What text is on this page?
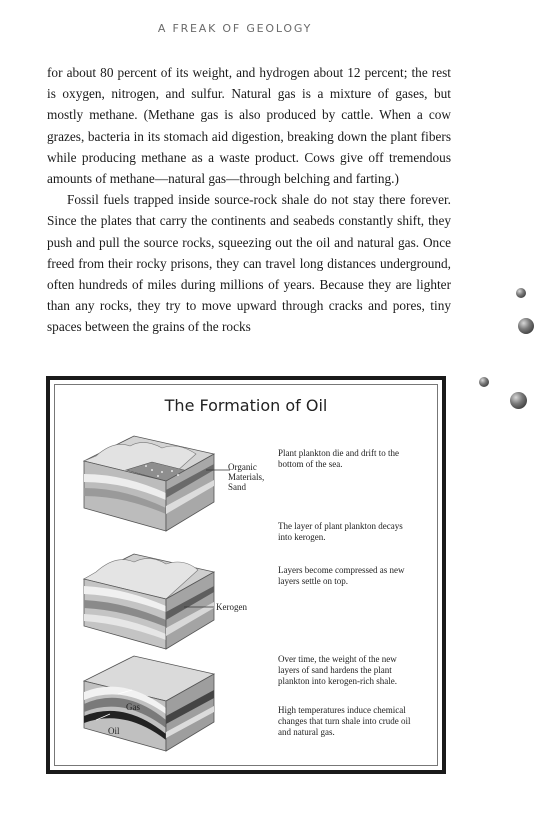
A FREAK OF GEOLOGY

for about 80 percent of its weight, and hydrogen about 12 percent; the rest is oxygen, nitrogen, and sulfur. Natural gas is a mixture of gases, but mostly methane. (Methane gas is also produced by cattle. When a cow grazes, bacteria in its stomach aid digestion, breaking down the plant fibers while producing methane as a waste product. Cows give off tremendous amounts of methane—natural gas—through belching and farting.)

Fossil fuels trapped inside source-rock shale do not stay there forever. Since the plates that carry the continents and seabeds constantly shift, they push and pull the source rocks, squeezing out the oil and natural gas. Once freed from their rocky prisons, they can travel long distances underground, often hundreds of miles during millions of years. Because they are lighter than any rocks, they try to move upward through cracks and pores, tiny spaces between the grains of the rocks

The Formation of Oil
Organic
Materials,
Sand
Kerogen
Gas
Oil

Plant plankton die and drift to the bottom of the sea.

The layer of plant plankton decays into kerogen.

Layers become compressed as new layers settle on top.

Over time, the weight of the new layers of sand hardens the plant plankton into kerogen-rich shale.

High temperatures induce chemical changes that turn shale into crude oil and natural gas.
